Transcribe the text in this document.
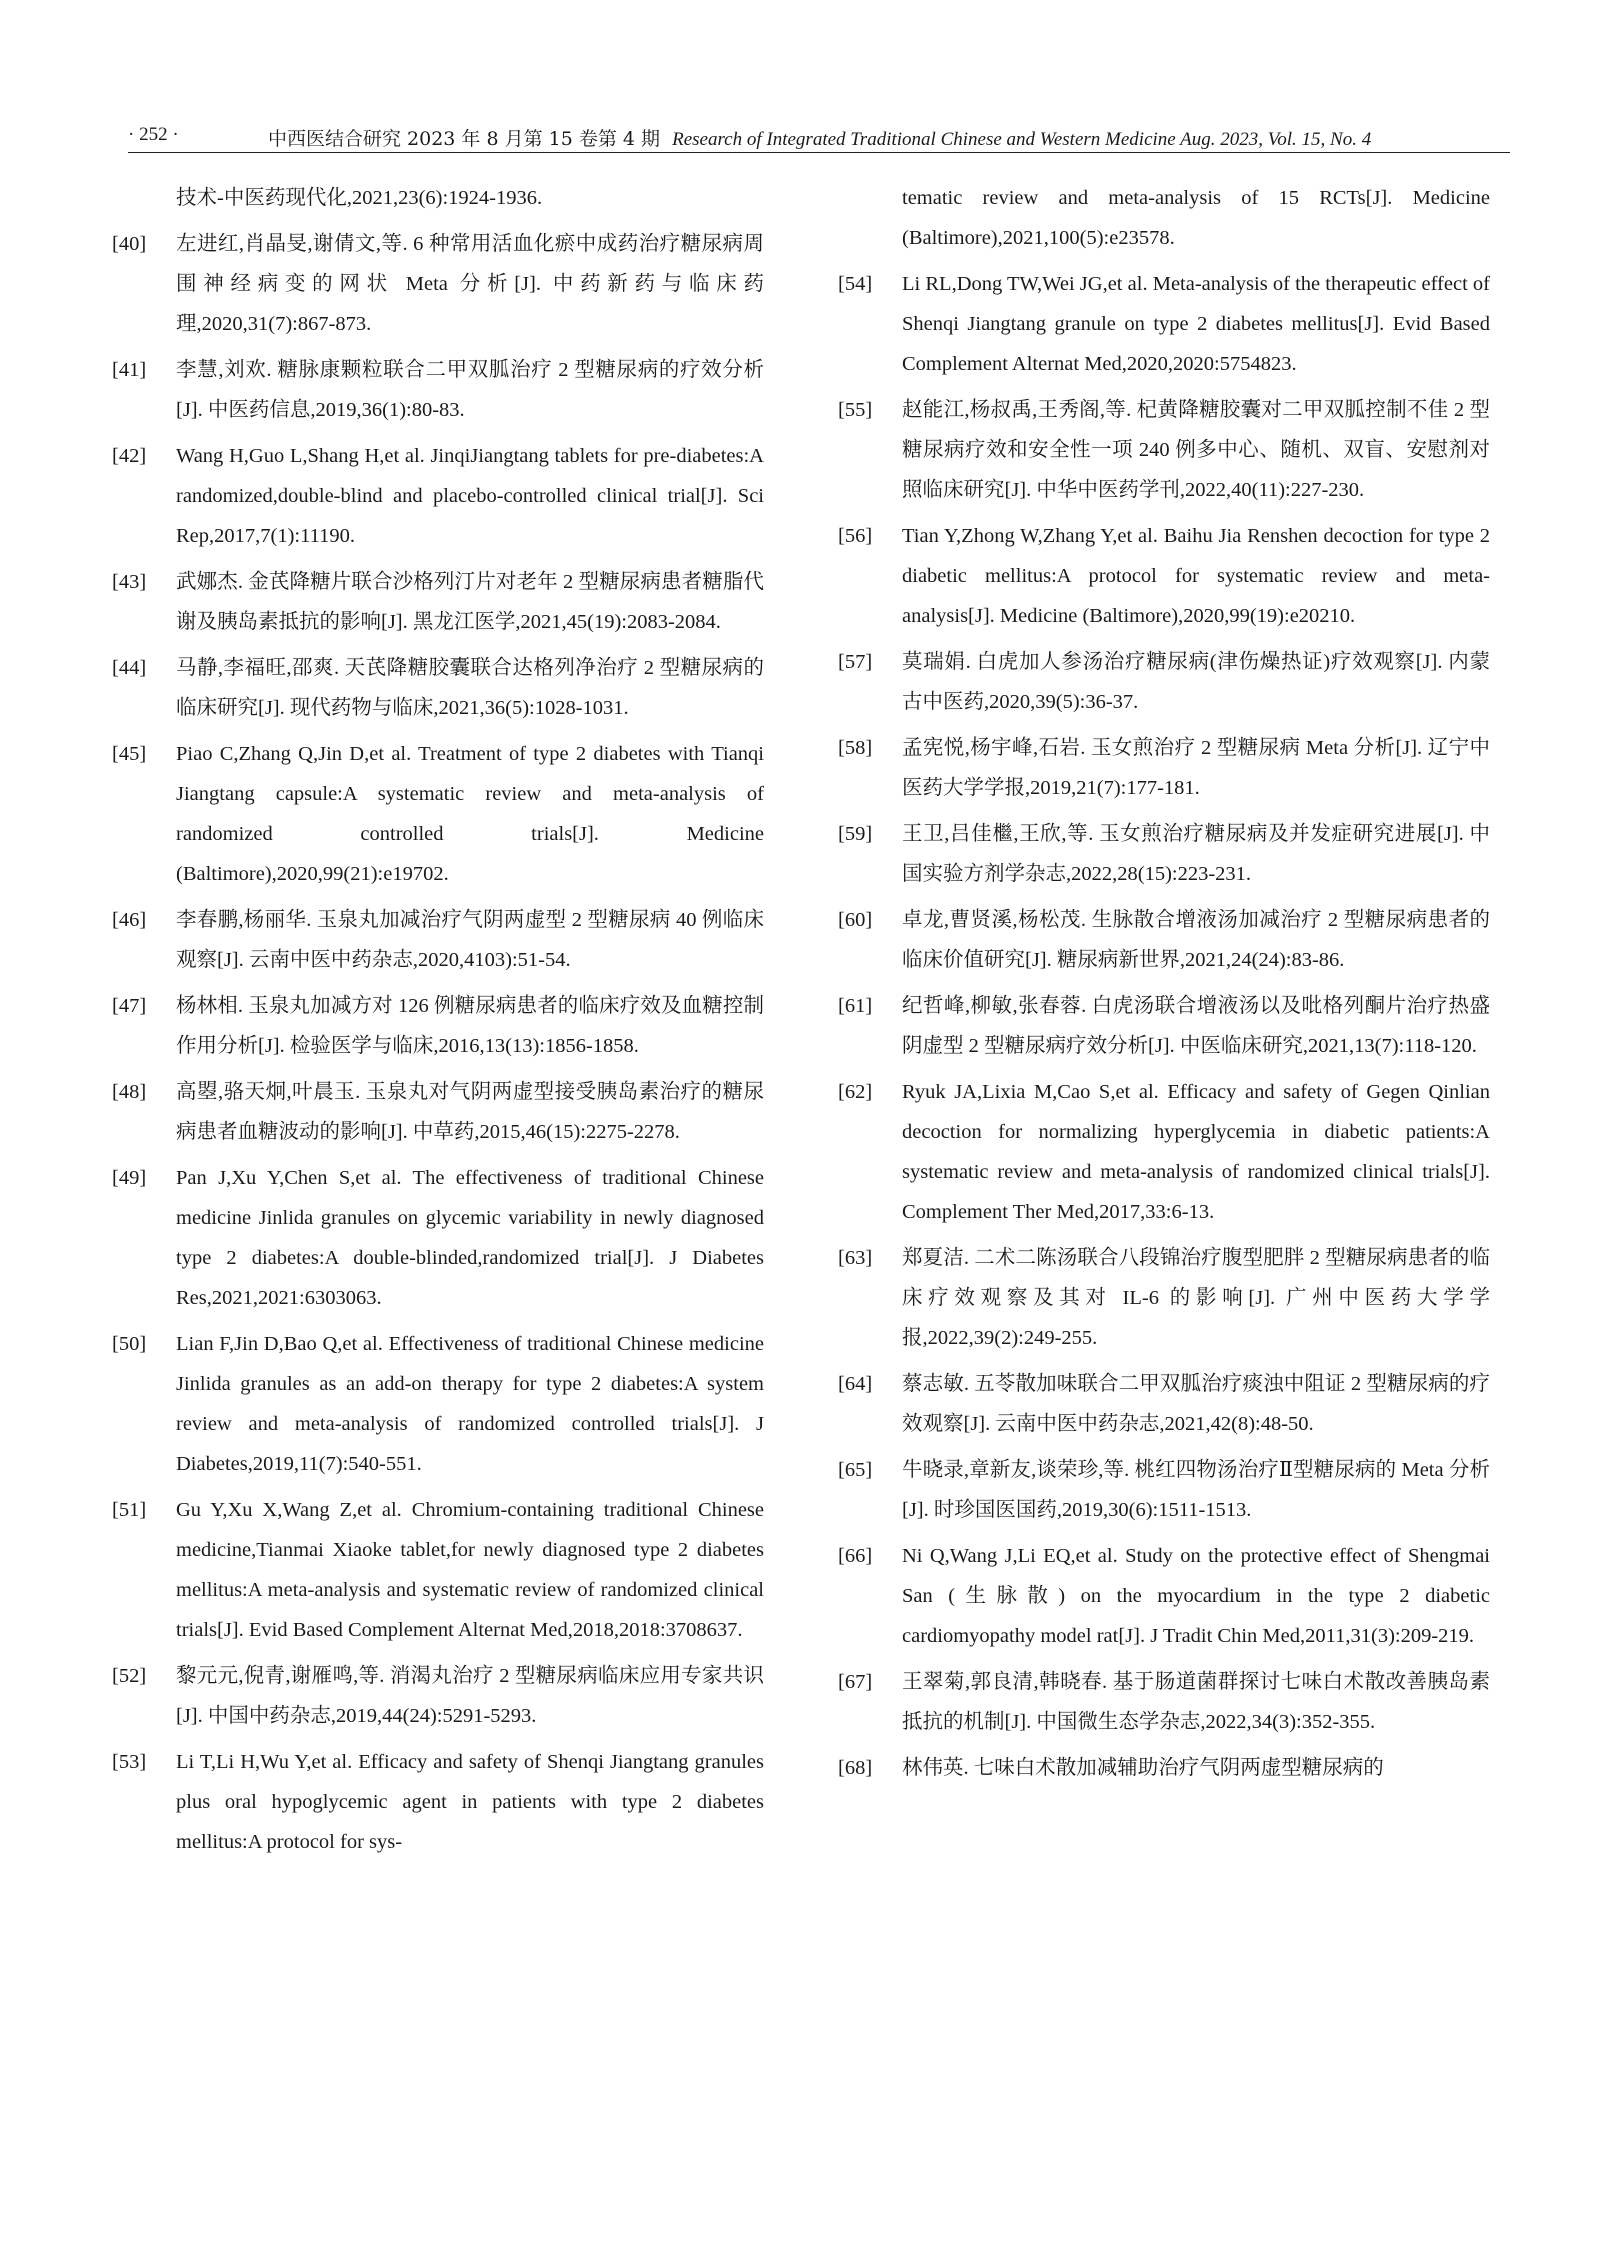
· 252 ·	中西医结合研究 2023 年 8 月第 15 卷第 4 期 Research of Integrated Traditional Chinese and Western Medicine Aug. 2023, Vol. 15, No. 4

技术-中医药现代化,2021,23(6):1924-1936.

[40]	左进红,肖晶旻,谢倩文,等. 6 种常用活血化瘀中成药治疗糖尿病周围神经病变的网状 Meta 分析[J]. 中药新药与临床药理,2020,31(7):867-873.

[41]	李慧,刘欢. 糖脉康颗粒联合二甲双胍治疗 2 型糖尿病的疗效分析[J]. 中医药信息,2019,36(1):80-83.

[42]	Wang H,Guo L,Shang H,et al. JinqiJiangtang tablets for pre-diabetes:A randomized,double-blind and placebo-controlled clinical trial[J]. Sci Rep,2017,7(1):11190.

[43]	武娜杰. 金芪降糖片联合沙格列汀片对老年 2 型糖尿病患者糖脂代谢及胰岛素抵抗的影响[J]. 黑龙江医学,2021,45(19):2083-2084.

[44]	马静,李福旺,邵爽. 天芪降糖胶囊联合达格列净治疗 2 型糖尿病的临床研究[J]. 现代药物与临床,2021,36(5):1028-1031.

[45]	Piao C,Zhang Q,Jin D,et al. Treatment of type 2 diabetes with Tianqi Jiangtang capsule:A systematic review and meta-analysis of randomized controlled trials[J]. Medicine (Baltimore),2020,99(21):e19702.

[46]	李春鹏,杨丽华. 玉泉丸加减治疗气阴两虚型 2 型糖尿病 40 例临床观察[J]. 云南中医中药杂志,2020,4103):51-54.

[47]	杨林相. 玉泉丸加减方对 126 例糖尿病患者的临床疗效及血糖控制作用分析[J]. 检验医学与临床,2016,13(13):1856-1858.

[48]	高曌,骆天炯,叶晨玉. 玉泉丸对气阴两虚型接受胰岛素治疗的糖尿病患者血糖波动的影响[J]. 中草药,2015,46(15):2275-2278.

[49]	Pan J,Xu Y,Chen S,et al. The effectiveness of traditional Chinese medicine Jinlida granules on glycemic variability in newly diagnosed type 2 diabetes:A double-blinded,randomized trial[J]. J Diabetes Res,2021,2021:6303063.

[50]	Lian F,Jin D,Bao Q,et al. Effectiveness of traditional Chinese medicine Jinlida granules as an add-on therapy for type 2 diabetes:A system review and meta-analysis of randomized controlled trials[J]. J Diabetes,2019,11(7):540-551.

[51]	Gu Y,Xu X,Wang Z,et al. Chromium-containing traditional Chinese medicine,Tianmai Xiaoke tablet,for newly diagnosed type 2 diabetes mellitus:A meta-analysis and systematic review of randomized clinical trials[J]. Evid Based Complement Alternat Med,2018,2018:3708637.

[52]	黎元元,倪青,谢雁鸣,等. 消渴丸治疗 2 型糖尿病临床应用专家共识[J]. 中国中药杂志,2019,44(24):5291-5293.

[53]	Li T,Li H,Wu Y,et al. Efficacy and safety of Shenqi Jiangtang granules plus oral hypoglycemic agent in patients with type 2 diabetes mellitus:A protocol for sys-

tematic review and meta-analysis of 15 RCTs[J]. Medicine (Baltimore),2021,100(5):e23578.

[54]	Li RL,Dong TW,Wei JG,et al. Meta-analysis of the therapeutic effect of Shenqi Jiangtang granule on type 2 diabetes mellitus[J]. Evid Based Complement Alternat Med,2020,2020:5754823.

[55]	赵能江,杨叔禹,王秀阁,等. 杞黄降糖胶囊对二甲双胍控制不佳 2 型糖尿病疗效和安全性一项 240 例多中心、随机、双盲、安慰剂对照临床研究[J]. 中华中医药学刊,2022,40(11):227-230.

[56]	Tian Y,Zhong W,Zhang Y,et al. Baihu Jia Renshen decoction for type 2 diabetic mellitus:A protocol for systematic review and meta-analysis[J]. Medicine (Baltimore),2020,99(19):e20210.

[57]	莫瑞娟. 白虎加人参汤治疗糖尿病(津伤燥热证)疗效观察[J]. 内蒙古中医药,2020,39(5):36-37.

[58]	孟宪悦,杨宇峰,石岩. 玉女煎治疗 2 型糖尿病 Meta 分析[J]. 辽宁中医药大学学报,2019,21(7):177-181.

[59]	王卫,吕佳檵,王欣,等. 玉女煎治疗糖尿病及并发症研究进展[J]. 中国实验方剂学杂志,2022,28(15):223-231.

[60]	卓龙,曹贤溪,杨松茂. 生脉散合增液汤加减治疗 2 型糖尿病患者的临床价值研究[J]. 糖尿病新世界,2021,24(24):83-86.

[61]	纪哲峰,柳敏,张春蓉. 白虎汤联合增液汤以及吡格列酮片治疗热盛阴虚型 2 型糖尿病疗效分析[J]. 中医临床研究,2021,13(7):118-120.

[62]	Ryuk JA,Lixia M,Cao S,et al. Efficacy and safety of Gegen Qinlian decoction for normalizing hyperglycemia in diabetic patients:A systematic review and meta-analysis of randomized clinical trials[J]. Complement Ther Med,2017,33:6-13.

[63]	郑夏洁. 二术二陈汤联合八段锦治疗腹型肥胖 2 型糖尿病患者的临床疗效观察及其对 IL-6 的影响[J]. 广州中医药大学学报,2022,39(2):249-255.

[64]	蔡志敏. 五苓散加味联合二甲双胍治疗痰浊中阻证 2 型糖尿病的疗效观察[J]. 云南中医中药杂志,2021,42(8):48-50.

[65]	牛晓录,章新友,谈荣珍,等. 桃红四物汤治疗Ⅱ型糖尿病的 Meta 分析[J]. 时珍国医国药,2019,30(6):1511-1513.

[66]	Ni Q,Wang J,Li EQ,et al. Study on the protective effect of Shengmai San (生脉散) on the myocardium in the type 2 diabetic cardiomyopathy model rat[J]. J Tradit Chin Med,2011,31(3):209-219.

[67]	王翠菊,郭良清,韩晓春. 基于肠道菌群探讨七味白术散改善胰岛素抵抗的机制[J]. 中国微生态学杂志,2022,34(3):352-355.

[68]	林伟英. 七味白术散加减辅助治疗气阴两虚型糖尿病的
